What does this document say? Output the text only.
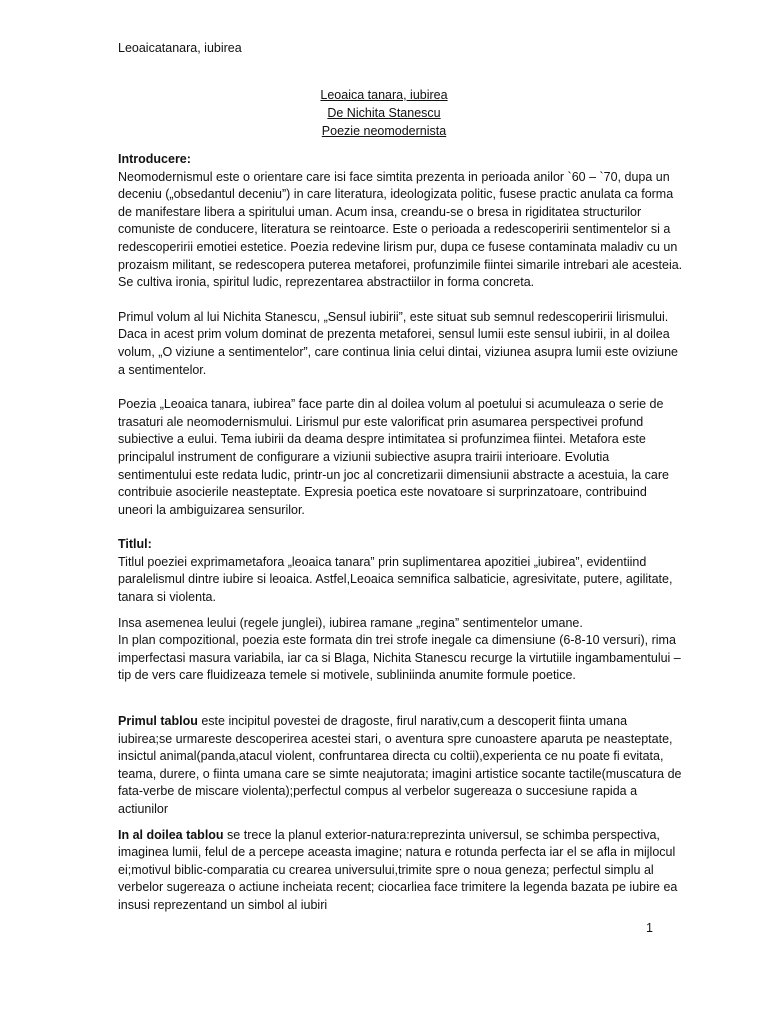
Leoaicatanara, iubirea
Leoaica tanara, iubirea
De Nichita Stanescu
Poezie neomodernista
Introducere:
Neomodernismul este o orientare care isi face simtita prezenta in perioada anilor `60 – `70, dupa un deceniu („obsedantul deceniu”) in care literatura, ideologizata politic, fusese practic anulata ca forma de manifestare libera a spiritului uman. Acum insa, creandu-se o bresa in rigiditatea structurilor comuniste de conducere, literatura se reintoarce. Este o perioada a redescoperirii sentimentelor si a redescoperirii emotiei estetice. Poezia redevine lirism pur, dupa ce fusese contaminata maladiv cu un prozaism militant, se redescopera puterea metaforei, profunzimile fiintei simarile intrebari ale acesteia. Se cultiva ironia, spiritul ludic, reprezentarea abstractiilor in forma concreta.
Primul volum al lui Nichita Stanescu, „Sensul iubirii”, este situat sub semnul redescoperirii lirismului. Daca in acest prim volum dominat de prezenta metaforei, sensul lumii este sensul iubirii, in al doilea volum, „O viziune a sentimentelor”, care continua linia celui dintai, viziunea asupra lumii este oviziune a sentimentelor.
Poezia „Leoaica tanara, iubirea” face parte din al doilea volum al poetului si acumuleaza o serie de trasaturi ale neomodernismului. Lirismul pur este valorificat prin asumarea perspectivei profund subiective a eului. Tema iubirii da deama despre intimitatea si profunzimea fiintei. Metafora este principalul instrument de configurare a viziunii subiective asupra trairii interioare. Evolutia sentimentului este redata ludic, printr-un joc al concretizarii dimensiunii abstracte a acestuia, la care contribuie asocierile neasteptate. Expresia poetica este novatoare si surprinzatoare, contribuind uneori la ambiguizarea sensurilor.
Titlul:
Titlul poeziei exprimametafora „leoaica tanara” prin suplimentarea apozitiei „iubirea”, evidentiind paralelismul dintre iubire si leoaica. Astfel,Leoaica semnifica salbaticie, agresivitate, putere, agilitate, tanara si violenta.
Insa asemenea leului (regele junglei), iubirea ramane „regina” sentimentelor umane.
In plan compozitional, poezia este formata din trei strofe inegale ca dimensiune (6-8-10 versuri), rima imperfectasi masura variabila, iar ca si Blaga, Nichita Stanescu recurge la virtutiile ingambamentului – tip de vers care fluidizeaza temele si motivele, subliniinda anumite formule poetice.
Primul tablou este incipitul povestei de dragoste, firul narativ,cum a descoperit fiinta umana iubirea;se urmareste descoperirea acestei stari, o aventura spre cunoastere aparuta pe neasteptate, insictul animal(panda,atacul violent, confruntarea directa cu coltii),experienta ce nu poate fi evitata, teama, durere, o fiinta umana care se simte neajutorata; imagini artistice socante tactile(muscatura de fata-verbe de miscare violenta);perfectul compus al verbelor sugereaza o succesiune rapida a actiunilor
In al doilea tablou se trece la planul exterior-natura:reprezinta universul, se schimba perspectiva, imaginea lumii, felul de a percepe aceasta imagine; natura e rotunda perfecta iar el se afla in mijlocul ei;motivul biblic-comparatia cu crearea universului,trimite spre o noua geneza; perfectul simplu al verbelor sugereaza o actiune incheiata recent; ciocarliea face trimitere la legenda bazata pe iubire ea insusi reprezentand un simbol al iubiri
1
